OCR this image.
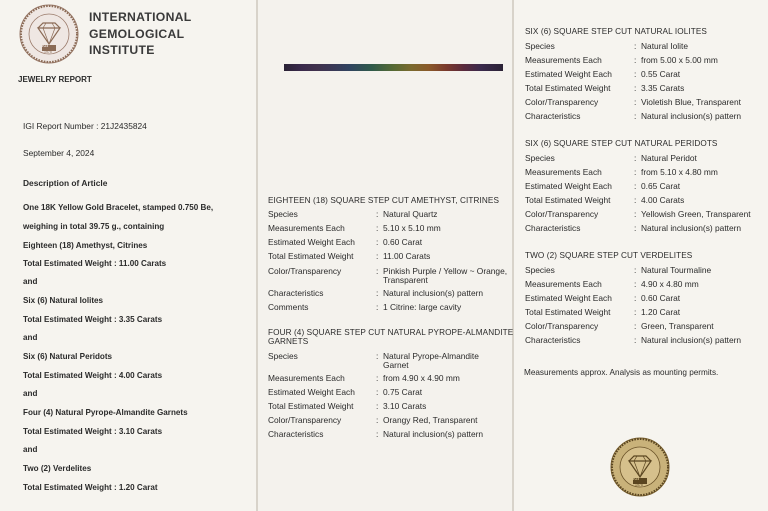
IGI
1975
INTERNATIONAL
GEMOLOGICAL
INSTITUTE
JEWELRY REPORT
IGI Report Number : 21J2435824
September 4, 2024
Description of Article
One 18K Yellow Gold Bracelet, stamped 0.750 Be,
weighing in total 39.75 g., containing
Eighteen (18) Amethyst, Citrines
Total Estimated Weight : 11.00 Carats
and
Six (6) Natural Iolites
Total Estimated Weight : 3.35 Carats
and
Six (6) Natural Peridots
Total Estimated Weight : 4.00 Carats
and
Four (4) Natural Pyrope-Almandite Garnets
Total Estimated Weight : 3.10 Carats
and
Two (2) Verdelites
Total Estimated Weight : 1.20 Carat
EIGHTEEN (18) SQUARE STEP CUT AMETHYST, CITRINES
Species	: Natural Quartz
Measurements Each	: 5.10 x 5.10 mm
Estimated Weight Each	: 0.60 Carat
Total Estimated Weight	: 11.00 Carats
Color/Transparency	: Pinkish Purple / Yellow ~ Orange,
Transparent
Characteristics	: Natural inclusion(s) pattern
Comments	: 1 Citrine: large cavity
FOUR (4) SQUARE STEP CUT NATURAL PYROPE-ALMANDITE
GARNETS
Species	: Natural Pyrope-Almandite
Garnet
Measurements Each	: from 4.90 x 4.90 mm
Estimated Weight Each	: 0.75 Carat
Total Estimated Weight	: 3.10 Carats
Color/Transparency	: Orangy Red, Transparent
Characteristics	: Natural inclusion(s) pattern
SIX (6) SQUARE STEP CUT NATURAL IOLITES
Species	: Natural Iolite
Measurements Each	: from 5.00 x 5.00 mm
Estimated Weight Each	: 0.55 Carat
Total Estimated Weight	: 3.35 Carats
Color/Transparency	: Violetish Blue, Transparent
Characteristics	: Natural inclusion(s) pattern
SIX (6) SQUARE STEP CUT NATURAL PERIDOTS
Species	: Natural Peridot
Measurements Each	: from 5.10 x 4.80 mm
Estimated Weight Each	: 0.65 Carat
Total Estimated Weight	: 4.00 Carats
Color/Transparency	: Yellowish Green, Transparent
Characteristics	: Natural inclusion(s) pattern
TWO (2) SQUARE STEP CUT VERDELITES
Species	: Natural Tourmaline
Measurements Each	: 4.90 x 4.80 mm
Estimated Weight Each	: 0.60 Carat
Total Estimated Weight	: 1.20 Carat
Color/Transparency	: Green, Transparent
Characteristics	: Natural inclusion(s) pattern
Measurements approx. Analysis as mounting permits.
IGI
1975
